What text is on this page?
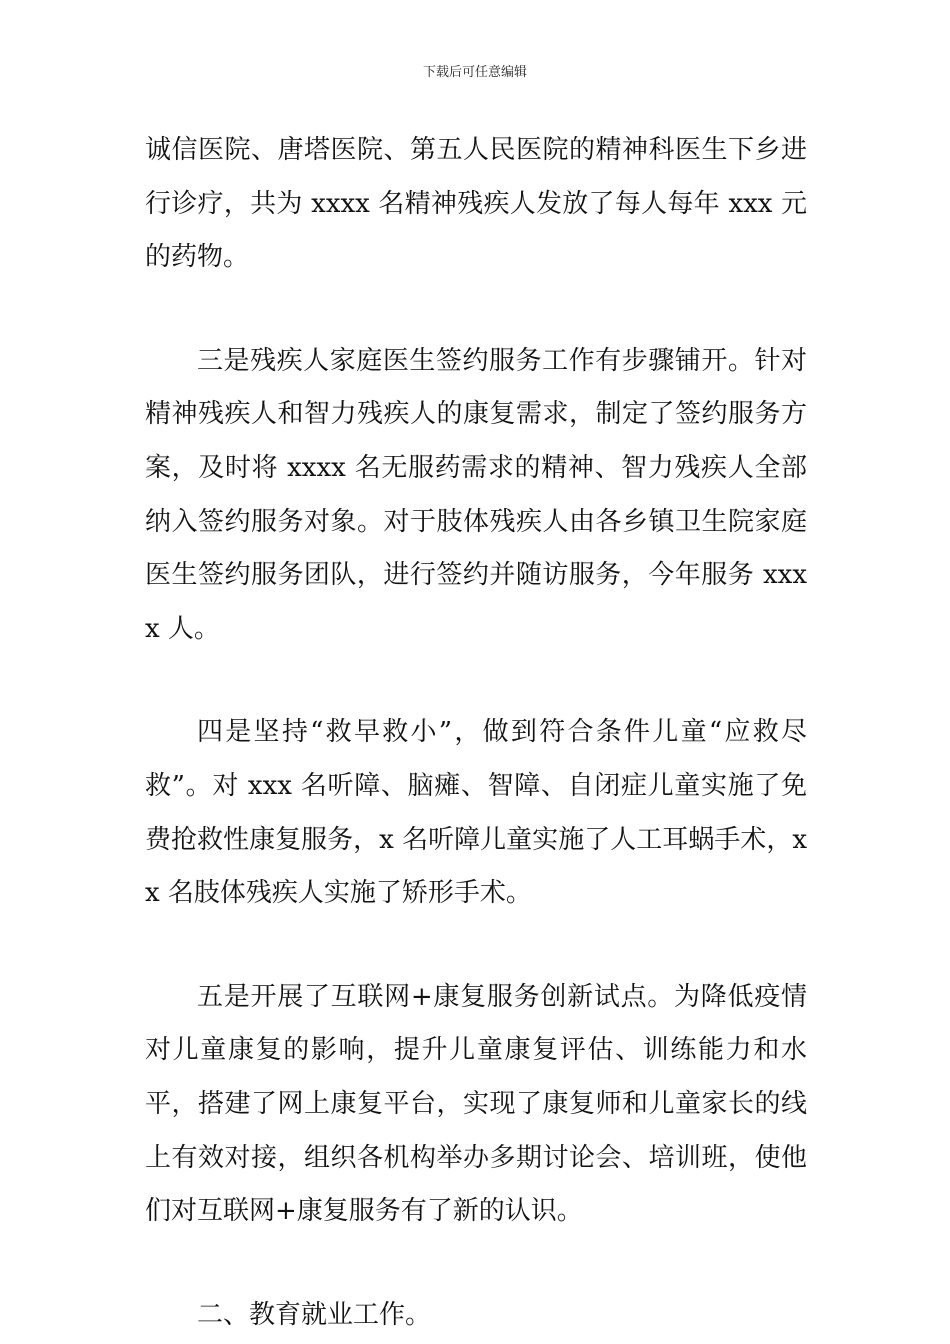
下载后可任意编辑

诚信医院、唐塔医院、第五人民医院的精神科医生下乡进行诊疗，共为 xxxx 名精神残疾人发放了每人每年 xxx 元的药物。

三是残疾人家庭医生签约服务工作有步骤铺开。针对精神残疾人和智力残疾人的康复需求，制定了签约服务方案，及时将 xxxx 名无服药需求的精神、智力残疾人全部纳入签约服务对象。对于肢体残疾人由各乡镇卫生院家庭医生签约服务团队，进行签约并随访服务，今年服务 xxxx 人。

四是坚持“救早救小”，做到符合条件儿童“应救尽救”。对 xxx 名听障、脑瘫、智障、自闭症儿童实施了免费抢救性康复服务，x 名听障儿童实施了人工耳蜗手术，xx 名肢体残疾人实施了矫形手术。

五是开展了互联网+康复服务创新试点。为降低疫情对儿童康复的影响，提升儿童康复评估、训练能力和水平，搭建了网上康复平台，实现了康复师和儿童家长的线上有效对接，组织各机构举办多期讨论会、培训班，使他们对互联网+康复服务有了新的认识。

二、教育就业工作。
